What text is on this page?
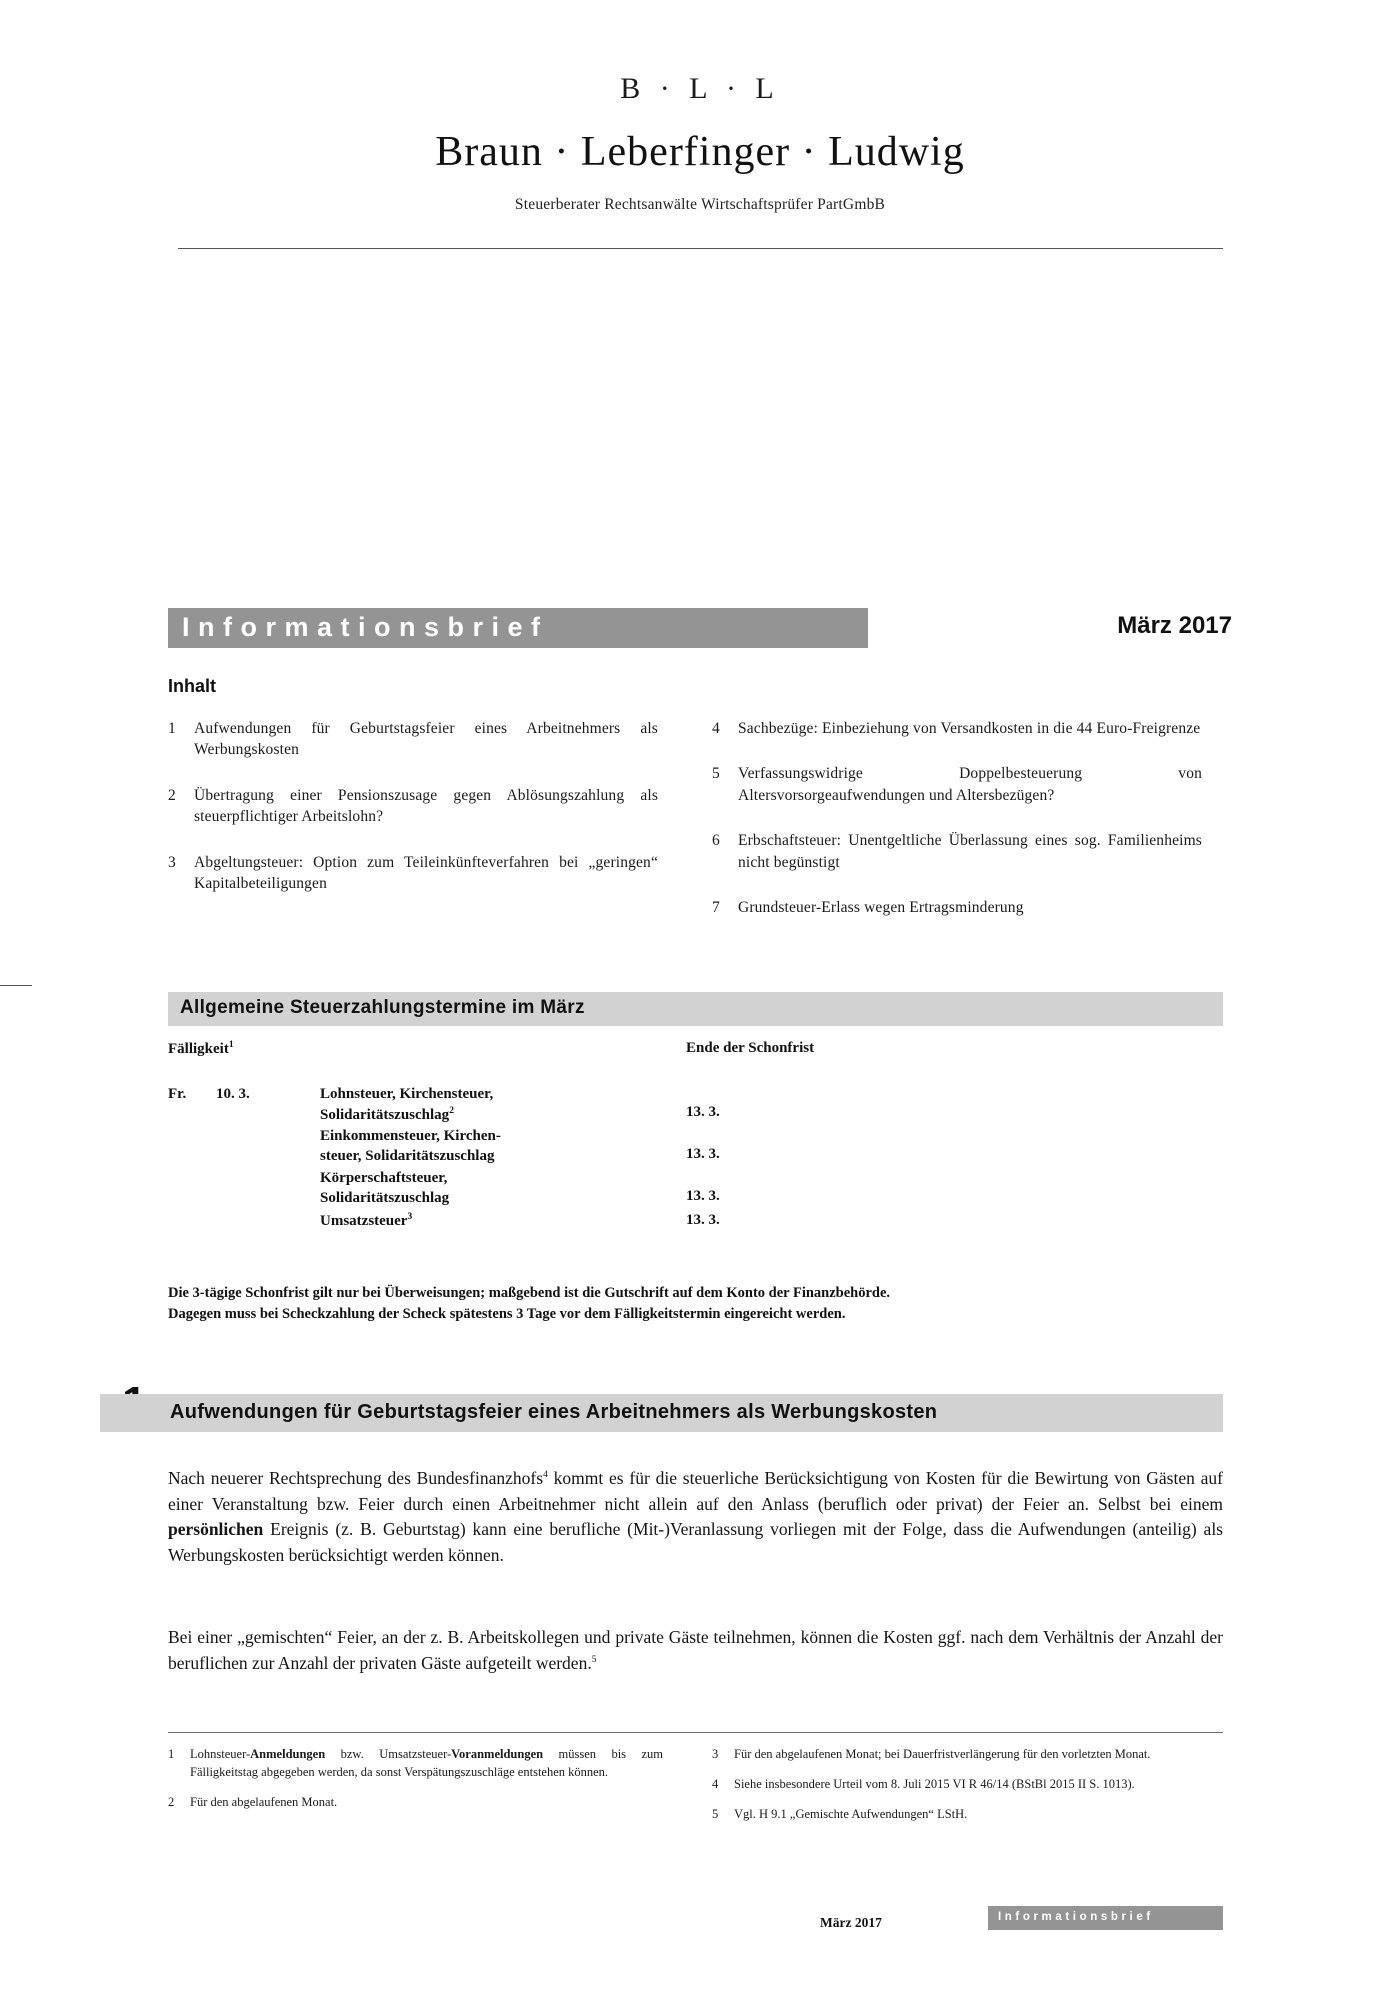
B · L · L
Braun · Leberfinger · Ludwig
Steuerberater Rechtsanwälte Wirtschaftsprüfer PartGmbB
Informationsbrief	März 2017
Inhalt
1	Aufwendungen für Geburtstagsfeier eines Arbeitnehmers als Werbungskosten
2	Übertragung einer Pensionszusage gegen Ablösungszahlung als steuerpflichtiger Arbeitslohn?
3	Abgeltungsteuer: Option zum Teileinkünfteverfahren bei „geringen“ Kapitalbeteiligungen
4	Sachbezüge: Einbeziehung von Versandkosten in die 44 Euro-Freigrenze
5	Verfassungswidrige Doppelbesteuerung von Altersvorsorgeaufwendungen und Altersbezügen?
6	Erbschaftsteuer: Unentgeltliche Überlassung eines sog. Familienheims nicht begünstigt
7	Grundsteuer-Erlass wegen Ertragsminderung
Allgemeine Steuerzahlungstermine im März
Fälligkeit$^1$	Ende der Schonfrist
Fr. 10. 3.	Lohnsteuer, Kirchensteuer,
Solidaritätszuschlag$^2$	13. 3.
Einkommensteuer, Kirchen-
steuer, Solidaritätszuschlag	13. 3.
Körperschaftsteuer,
Solidaritätszuschlag	13. 3.
Umsatzsteuer$^3$	13. 3.
Die 3-tägige Schonfrist gilt nur bei Überweisungen; maßgebend ist die Gutschrift auf dem Konto der Finanzbehörde.
Dagegen muss bei Scheckzahlung der Scheck spätestens 3 Tage vor dem Fälligkeitstermin eingereicht werden.
Aufwendungen für Geburtstagsfeier eines Arbeitnehmers als Werbungskosten

Nach neuerer Rechtsprechung des Bundesfinanzhofs$^4$ kommt es für die steuerliche Berücksichtigung von Kosten für die Bewirtung von Gästen auf einer Veranstaltung bzw. Feier durch einen Arbeitnehmer nicht allein auf den Anlass (beruflich oder privat) der Feier an. Selbst bei einem persönlichen Ereignis (z. B. Geburtstag) kann eine berufliche (Mit-)Veranlassung vorliegen mit der Folge, dass die Aufwendungen (anteilig) als Werbungskosten berücksichtigt werden können.

Bei einer „gemischten“ Feier, an der z. B. Arbeitskollegen und private Gäste teilnehmen, können die Kosten ggf. nach dem Verhältnis der Anzahl der beruflichen zur Anzahl der privaten Gäste aufgeteilt werden.$^5$

1	Lohnsteuer-Anmeldungen bzw. Umsatzsteuer-Voranmeldungen müssen bis zum Fälligkeitstag abgegeben werden, da sonst Verspätungszuschläge entstehen können.
2	Für den abgelaufenen Monat.
3	Für den abgelaufenen Monat; bei Dauerfristverlängerung für den vorletzten Monat.
4	Siehe insbesondere Urteil vom 8. Juli 2015 VI R 46/14 (BStBl 2015 II S. 1013).
5	Vgl. H 9.1 „Gemischte Aufwendungen“ LStH.
März 2017	Informationsbrief
